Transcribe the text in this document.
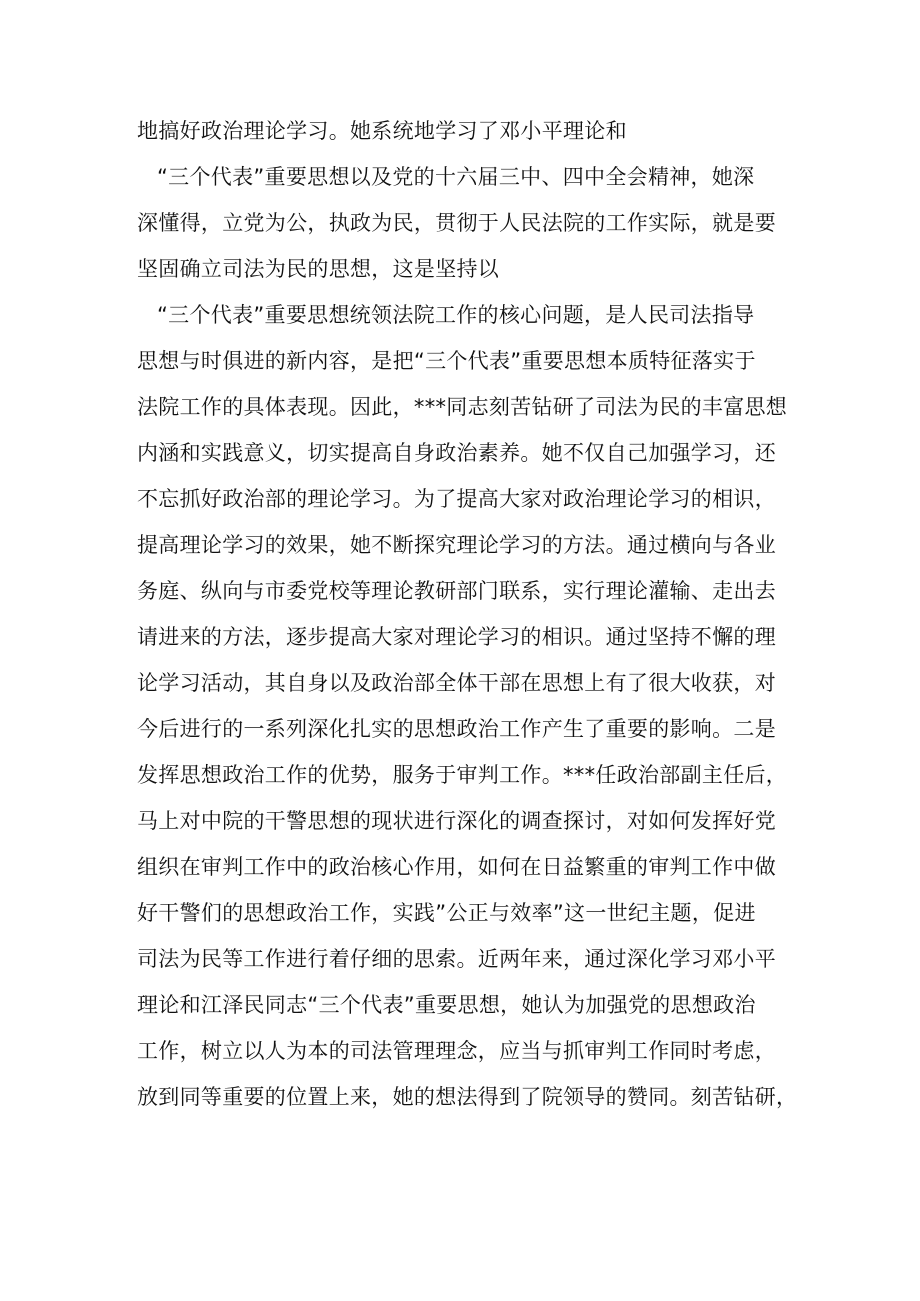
地搞好政治理论学习。她系统地学习了邓小平理论和
“三个代表”重要思想以及党的十六届三中、四中全会精神，她深
深懂得，立党为公，执政为民，贯彻于人民法院的工作实际，就是要
坚固确立司法为民的思想，这是坚持以
“三个代表”重要思想统领法院工作的核心问题，是人民司法指导
思想与时俱进的新内容，是把“三个代表”重要思想本质特征落实于
法院工作的具体表现。因此，***同志刻苦钻研了司法为民的丰富思想
内涵和实践意义，切实提高自身政治素养。她不仅自己加强学习，还
不忘抓好政治部的理论学习。为了提高大家对政治理论学习的相识，
提高理论学习的效果，她不断探究理论学习的方法。通过横向与各业
务庭、纵向与市委党校等理论教研部门联系，实行理论灌输、走出去
请进来的方法，逐步提高大家对理论学习的相识。通过坚持不懈的理
论学习活动，其自身以及政治部全体干部在思想上有了很大收获，对
今后进行的一系列深化扎实的思想政治工作产生了重要的影响。二是
发挥思想政治工作的优势，服务于审判工作。***任政治部副主任后，
马上对中院的干警思想的现状进行深化的调查探讨，对如何发挥好党
组织在审判工作中的政治核心作用，如何在日益繁重的审判工作中做
好干警们的思想政治工作，实践”公正与效率”这一世纪主题，促进
司法为民等工作进行着仔细的思索。近两年来，通过深化学习邓小平
理论和江泽民同志“三个代表”重要思想，她认为加强党的思想政治
工作，树立以人为本的司法管理理念，应当与抓审判工作同时考虑，
放到同等重要的位置上来，她的想法得到了院领导的赞同。刻苦钻研，
